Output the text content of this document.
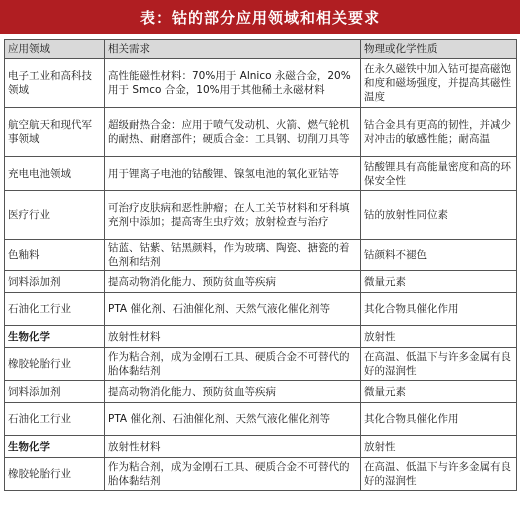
表：钴的部分应用领域和相关要求
应用领域	相关需求	物理或化学性质
电子工业和高科技领域	高性能磁性材料：70%用于 Alnico 永磁合金，20%用于 Smco 合金，10%用于其他稀土永磁材料	在永久磁铁中加入钴可提高磁饱和度和磁场强度，并提高其磁性温度
航空航天和现代军事领域	超级耐热合金：应用于喷气发动机、火箭、燃气轮机的耐热、耐磨部件；硬质合金：工具钢、切削刀具等	钴合金具有更高的韧性，并减少对冲击的敏感性能；耐高温
充电电池领域	用于锂离子电池的钴酸锂、镍氢电池的氧化亚钴等	钴酸锂具有高能量密度和高的环保安全性
医疗行业	可治疗皮肤病和恶性肿瘤；在人工关节材料和牙科填充剂中添加；提高寄生虫疗效；放射检查与治疗	钴的放射性同位素
色釉料	钴蓝、钴紫、钴黑颜料，作为玻璃、陶瓷、搪瓷的着色剂和结剂	钴颜料不褪色
饲料添加剂	提高动物消化能力、预防贫血等疾病	微量元素
石油化工行业	PTA 催化剂、石油催化剂、天然气液化催化剂等	其化合物具催化作用
生物化学	放射性材料	放射性
橡胶轮胎行业	作为粘合剂，成为金刚石工具、硬质合金不可替代的胎体黏结剂	在高温、低温下与许多金属有良好的湿润性
饲料添加剂	提高动物消化能力、预防贫血等疾病	微量元素
石油化工行业	PTA 催化剂、石油催化剂、天然气液化催化剂等	其化合物具催化作用
生物化学	放射性材料	放射性
橡胶轮胎行业	作为粘合剂，成为金刚石工具、硬质合金不可替代的胎体黏结剂	在高温、低温下与许多金属有良好的湿润性
